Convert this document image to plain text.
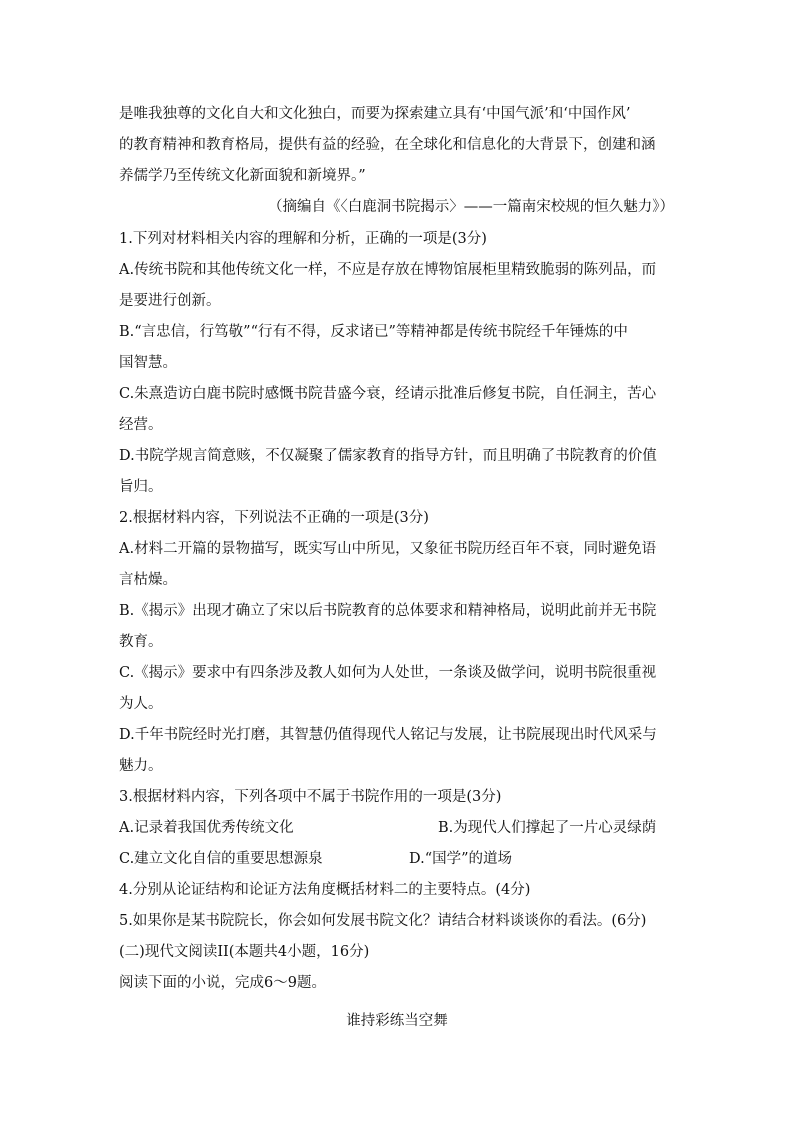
是唯我独尊的文化自大和文化独白，而要为探索建立具有‘中国气派’和‘中国作风’
的教育精神和教育格局，提供有益的经验，在全球化和信息化的大背景下，创建和涵
养儒学乃至传统文化新面貌和新境界。”
（摘编自《〈白鹿洞书院揭示〉——一篇南宋校规的恒久魅力》）
1.下列对材料相关内容的理解和分析，正确的一项是(3分)
A.传统书院和其他传统文化一样，不应是存放在博物馆展柜里精致脆弱的陈列品，而
是要进行创新。
B.“言忠信，行笃敬”“行有不得，反求诸已”等精神都是传统书院经千年锤炼的中
国智慧。
C.朱熹造访白鹿书院时感慨书院昔盛今衰，经请示批准后修复书院，自任洞主，苦心
经营。
D.书院学规言简意赅，不仅凝聚了儒家教育的指导方针，而且明确了书院教育的价值
旨归。
2.根据材料内容，下列说法不正确的一项是(3分)
A.材料二开篇的景物描写，既实写山中所见，又象征书院历经百年不衰，同时避免语
言枯燥。
B.《揭示》出现才确立了宋以后书院教育的总体要求和精神格局，说明此前并无书院
教育。
C.《揭示》要求中有四条涉及教人如何为人处世，一条谈及做学问，说明书院很重视
为人。
D.千年书院经时光打磨，其智慧仍值得现代人铭记与发展，让书院展现出时代风采与
魅力。
3.根据材料内容，下列各项中不属于书院作用的一项是(3分)
A.记录着我国优秀传统文化	B.为现代人们撑起了一片心灵绿荫
C.建立文化自信的重要思想源泉	D.“国学”的道场
4.分别从论证结构和论证方法角度概括材料二的主要特点。(4分)
5.如果你是某书院院长，你会如何发展书院文化？请结合材料谈谈你的看法。(6分)
(二)现代文阅读II(本题共4小题，16分)
阅读下面的小说，完成6～9题。
谁持彩练当空舞
